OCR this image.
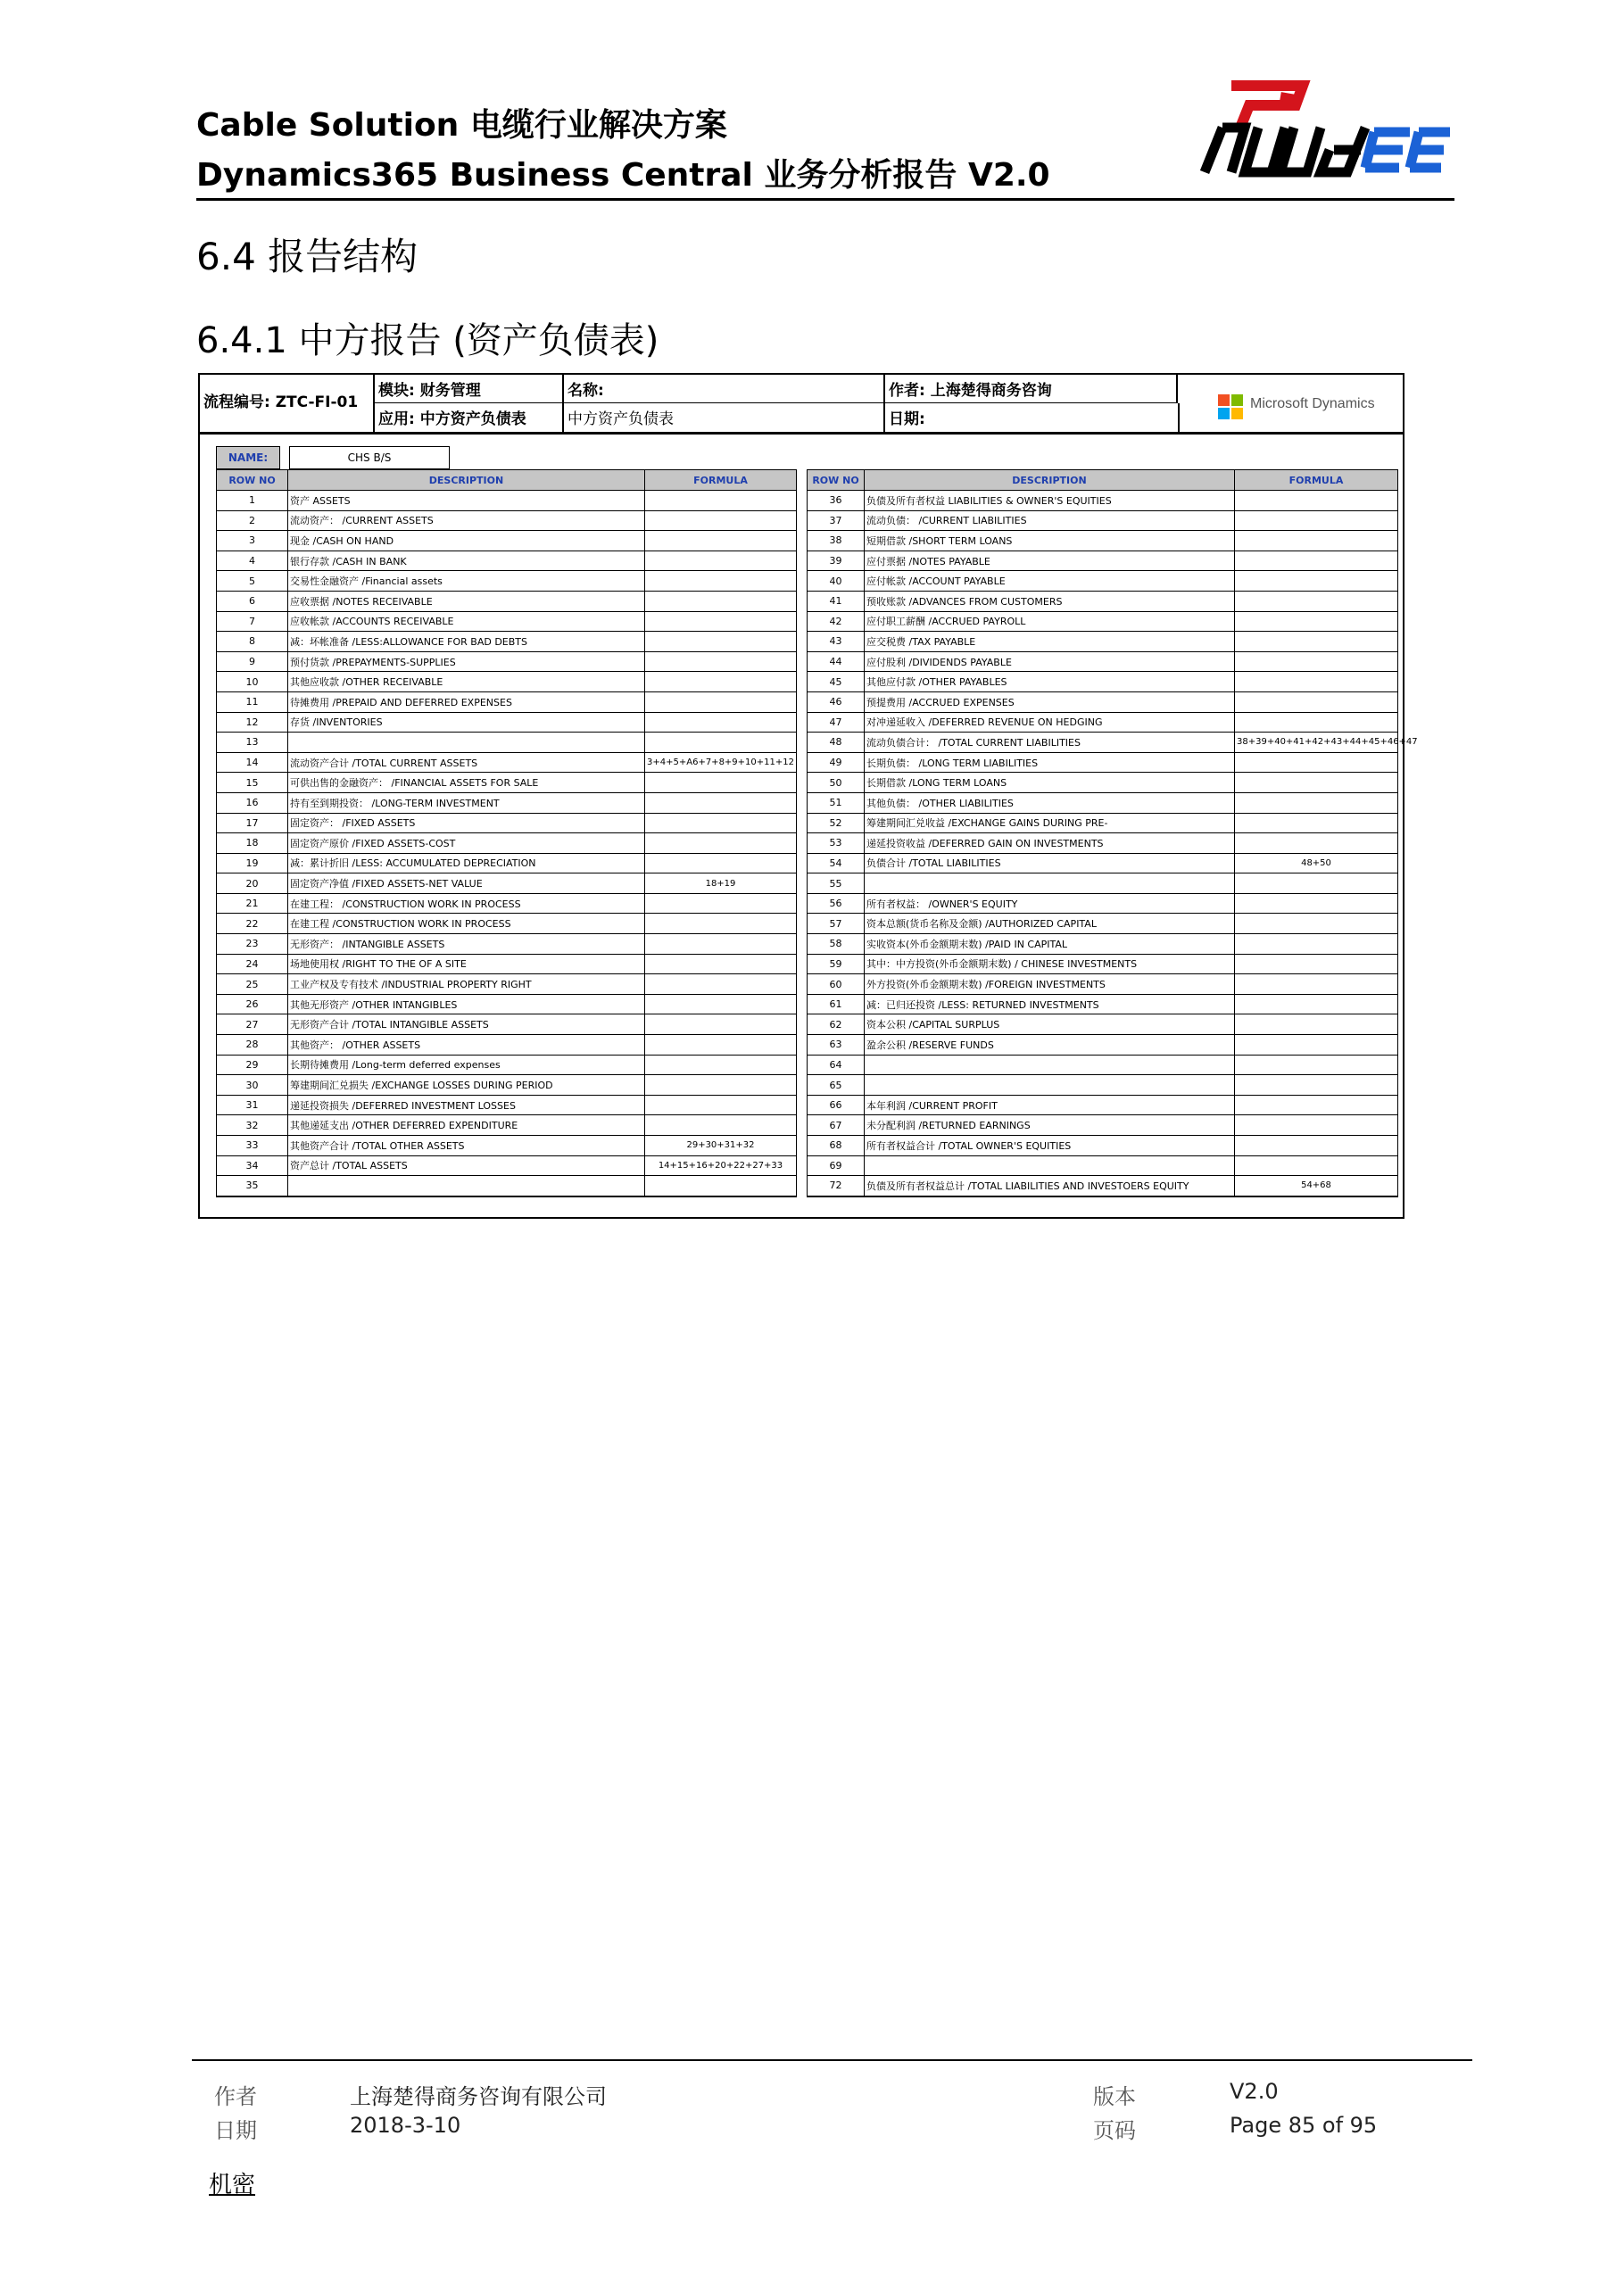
Cable Solution 电缆行业解决方案
Dynamics365 Business Central 业务分析报告 V2.0
6.4 报告结构
6.4.1 中方报告 (资产负债表)
流程编号: ZTC-FI-01
模块: 财务管理
应用: 中方资产负债表
名称:
中方资产负债表
作者: 上海楚得商务咨询
日期:
Microsoft Dynamics
NAME:	CHS B/S
ROW NO	DESCRIPTION	FORMULA
1	资产 ASSETS	
2	流动资产： /CURRENT ASSETS	
3	现金 /CASH ON HAND	
4	银行存款 /CASH IN BANK	
5	交易性金融资产 /Financial assets	
6	应收票据 /NOTES RECEIVABLE	
7	应收帐款 /ACCOUNTS RECEIVABLE	
8	减：坏帐准备 /LESS:ALLOWANCE FOR BAD DEBTS	
9	预付货款 /PREPAYMENTS-SUPPLIES	
10	其他应收款 /OTHER RECEIVABLE	
11	待摊费用 /PREPAID AND DEFERRED EXPENSES	
12	存货 /INVENTORIES	
13		
14	流动资产合计 /TOTAL CURRENT ASSETS	3+4+5+A6+7+8+9+10+11+12
15	可供出售的金融资产： /FINANCIAL ASSETS FOR SALE	
16	持有至到期投资： /LONG-TERM INVESTMENT	
17	固定资产： /FIXED ASSETS	
18	固定资产原价 /FIXED ASSETS-COST	
19	减：累计折旧 /LESS: ACCUMULATED DEPRECIATION	
20	固定资产净值 /FIXED ASSETS-NET VALUE	18+19
21	在建工程： /CONSTRUCTION WORK IN PROCESS	
22	在建工程 /CONSTRUCTION WORK IN PROCESS	
23	无形资产： /INTANGIBLE ASSETS	
24	场地使用权 /RIGHT TO THE OF A SITE	
25	工业产权及专有技术 /INDUSTRIAL PROPERTY RIGHT	
26	其他无形资产 /OTHER INTANGIBLES	
27	无形资产合计 /TOTAL INTANGIBLE ASSETS	
28	其他资产： /OTHER ASSETS	
29	长期待摊费用 /Long-term deferred expenses	
30	筹建期间汇兑损失 /EXCHANGE LOSSES DURING PERIOD	
31	递延投资损失 /DEFERRED INVESTMENT LOSSES	
32	其他递延支出 /OTHER DEFERRED EXPENDITURE	
33	其他资产合计 /TOTAL OTHER ASSETS	29+30+31+32
34	资产总计 /TOTAL ASSETS	14+15+16+20+22+27+33
35		
ROW NO	DESCRIPTION	FORMULA
36	负债及所有者权益 LIABILITIES & OWNER'S EQUITIES	
37	流动负债： /CURRENT LIABILITIES	
38	短期借款 /SHORT TERM LOANS	
39	应付票据 /NOTES PAYABLE	
40	应付帐款 /ACCOUNT PAYABLE	
41	预收账款 /ADVANCES FROM CUSTOMERS	
42	应付职工薪酬 /ACCRUED PAYROLL	
43	应交税费 /TAX PAYABLE	
44	应付股利 /DIVIDENDS PAYABLE	
45	其他应付款 /OTHER PAYABLES	
46	预提费用 /ACCRUED EXPENSES	
47	对冲递延收入 /DEFERRED REVENUE ON HEDGING	
48	流动负债合计： /TOTAL CURRENT LIABILITIES	38+39+40+41+42+43+44+45+46+47
49	长期负债： /LONG TERM LIABILITIES	
50	长期借款 /LONG TERM LOANS	
51	其他负债： /OTHER LIABILITIES	
52	筹建期间汇兑收益 /EXCHANGE GAINS DURING PRE-	
53	递延投资收益 /DEFERRED GAIN ON INVESTMENTS	
54	负债合计 /TOTAL LIABILITIES	48+50
55		
56	所有者权益： /OWNER'S EQUITY	
57	资本总额(货币名称及金额) /AUTHORIZED CAPITAL	
58	实收资本(外币金额期末数) /PAID IN CAPITAL	
59	其中：中方投资(外币金额期末数) / CHINESE INVESTMENTS	
60	外方投资(外币金额期末数) /FOREIGN INVESTMENTS	
61	减：已归还投资 /LESS: RETURNED INVESTMENTS	
62	资本公积 /CAPITAL SURPLUS	
63	盈余公积 /RESERVE FUNDS	
64		
65		
66	本年利润 /CURRENT PROFIT	
67	未分配利润 /RETURNED EARNINGS	
68	所有者权益合计 /TOTAL OWNER'S EQUITIES	
69		
72	负债及所有者权益总计 /TOTAL LIABILITIES AND INVESTOERS EQUITY	54+68
作者	上海楚得商务咨询有限公司
日期	2018-3-10
版本	V2.0
页码	Page 85 of 95
机密
